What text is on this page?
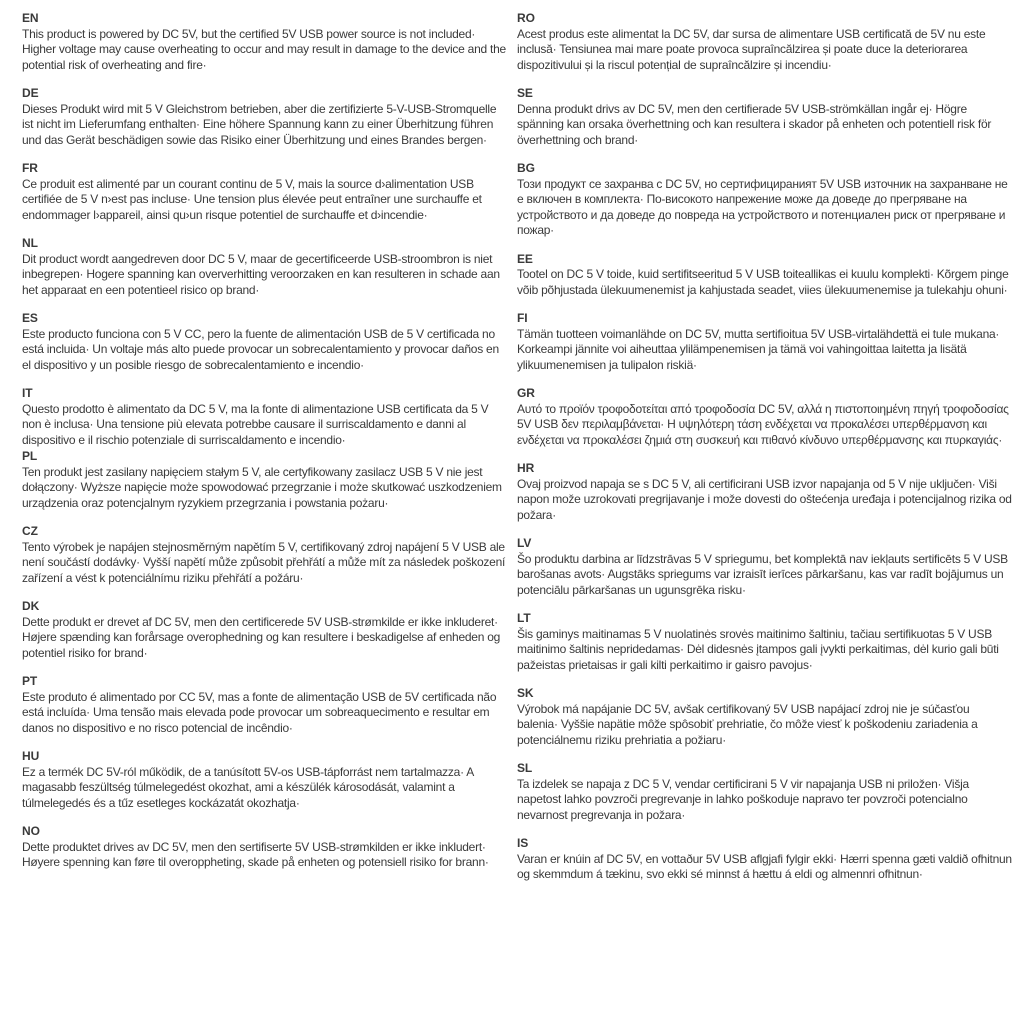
EN
This product is powered by DC 5V, but the certified 5V USB power source is not included· Higher voltage may cause overheating to occur and may result in damage to the device and the potential risk of overheating and fire·
DE
Dieses Produkt wird mit 5 V Gleichstrom betrieben, aber die zertifizierte 5-V-USB-Stromquelle ist nicht im Lieferumfang enthalten· Eine höhere Spannung kann zu einer Überhitzung führen und das Gerät beschädigen sowie das Risiko einer Überhitzung und eines Brandes bergen·
FR
Ce produit est alimenté par un courant continu de 5 V, mais la source d›alimentation USB certifiée de 5 V n›est pas incluse· Une tension plus élevée peut entraîner une surchauffe et endommager l›appareil, ainsi qu›un risque potentiel de surchauffe et d›incendie·
NL
Dit product wordt aangedreven door DC 5 V, maar de gecertificeerde USB-stroombron is niet inbegrepen· Hogere spanning kan oververhitting veroorzaken en kan resulteren in schade aan het apparaat en een potentieel risico op brand·
ES
Este producto funciona con 5 V CC, pero la fuente de alimentación USB de 5 V certificada no está incluida· Un voltaje más alto puede provocar un sobrecalentamiento y provocar daños en el dispositivo y un posible riesgo de sobrecalentamiento e incendio·
IT
Questo prodotto è alimentato da DC 5 V, ma la fonte di alimentazione USB certificata da 5 V non è inclusa· Una tensione più elevata potrebbe causare il surriscaldamento e danni al dispositivo e il rischio potenziale di surriscaldamento e incendio·
PL
Ten produkt jest zasilany napięciem stałym 5 V, ale certyfikowany zasilacz USB 5 V nie jest dołączony· Wyższe napięcie może spowodować przegrzanie i może skutkować uszkodzeniem urządzenia oraz potencjalnym ryzykiem przegrzania i powstania pożaru·
CZ
Tento výrobek je napájen stejnosměrným napětím 5 V, certifikovaný zdroj napájení 5 V USB ale není součástí dodávky· Vyšší napětí může způsobit přehřátí a může mít za následek poškození zařízení a vést k potenciálnímu riziku přehřátí a požáru·
DK
Dette produkt er drevet af DC 5V, men den certificerede 5V USB-strømkilde er ikke inkluderet· Højere spænding kan forårsage overophedning og kan resultere i beskadigelse af enheden og potentiel risiko for brand·
PT
Este produto é alimentado por CC 5V, mas a fonte de alimentação USB de 5V certificada não está incluída· Uma tensão mais elevada pode provocar um sobreaquecimento e resultar em danos no dispositivo e no risco potencial de incêndio·
HU
Ez a termék DC 5V-ról működik, de a tanúsított 5V-os USB-tápforrást nem tartalmazza· A magasabb feszültség túlmelegedést okozhat, ami a készülék károsodását, valamint a túlmelegedés és a tűz esetleges kockázatát okozhatja·
NO
Dette produktet drives av DC 5V, men den sertifiserte 5V USB-strømkilden er ikke inkludert· Høyere spenning kan føre til overoppheting, skade på enheten og potensiell risiko for brann·
RO
Acest produs este alimentat la DC 5V, dar sursa de alimentare USB certificată de 5V nu este inclusă· Tensiunea mai mare poate provoca supraîncălzirea și poate duce la deteriorarea dispozitivului și la riscul potențial de supraîncălzire și incendiu·
SE
Denna produkt drivs av DC 5V, men den certifierade 5V USB-strömkällan ingår ej· Högre spänning kan orsaka överhettning och kan resultera i skador på enheten och potentiell risk för överhettning och brand·
BG
Този продукт се захранва с DC 5V, но сертифицираният 5V USB източник на захранване не е включен в комплекта· По-високото напрежение може да доведе до прегряване на устройството и да доведе до повреда на устройството и потенциален риск от прегряване и пожар·
EE
Tootel on DC 5 V toide, kuid sertifitseeritud 5 V USB toiteallikas ei kuulu komplekti· Kõrgem pinge võib põhjustada ülekuumenemist ja kahjustada seadet, viies ülekuumenemise ja tulekahju ohuni·
FI
Tämän tuotteen voimanlähde on DC 5V, mutta sertifioitua 5V USB-virtalähdettä ei tule mukana· Korkeampi jännite voi aiheuttaa ylilämpenemisen ja tämä voi vahingoittaa laitetta ja lisätä ylikuumenemisen ja tulipalon riskiä·
GR
Αυτό το προϊόν τροφοδοτείται από τροφοδοσία DC 5V, αλλά η πιστοποιημένη πηγή τροφοδοσίας 5V USB δεν περιλαμβάνεται· Η υψηλότερη τάση ενδέχεται να προκαλέσει υπερθέρμανση και ενδέχεται να προκαλέσει ζημιά στη συσκευή και πιθανό κίνδυνο υπερθέρμανσης και πυρκαγιάς·
HR
Ovaj proizvod napaja se s DC 5 V, ali certificirani USB izvor napajanja od 5 V nije uključen· Viši napon može uzrokovati pregrijavanje i može dovesti do oštećenja uređaja i potencijalnog rizika od požara·
LV
Šo produktu darbina ar līdzstrāvas 5 V spriegumu, bet komplektā nav iekļauts sertificēts 5 V USB barošanas avots· Augstāks spriegums var izraisīt ierīces pārkaršanu, kas var radīt bojājumus un potenciālu pārkaršanas un ugunsgrēka risku·
LT
Šis gaminys maitinamas 5 V nuolatinės srovės maitinimo šaltiniu, tačiau sertifikuotas 5 V USB maitinimo šaltinis nepridedamas· Dėl didesnės įtampos gali įvykti perkaitimas, dėl kurio gali būti pažeistas prietaisas ir gali kilti perkaitimo ir gaisro pavojus·
SK
Výrobok má napájanie DC 5V, avšak certifikovaný 5V USB napájací zdroj nie je súčasťou balenia· Vyššie napätie môže spôsobiť prehriatie, čo môže viesť k poškodeniu zariadenia a potenciálnemu riziku prehriatia a požiaru·
SL
Ta izdelek se napaja z DC 5 V, vendar certificirani 5 V vir napajanja USB ni priložen· Višja napetost lahko povzroči pregrevanje in lahko poškoduje napravo ter povzroči potencialno nevarnost pregrevanja in požara·
IS
Varan er knúin af DC 5V, en vottaður 5V USB aflgjafi fylgir ekki· Hærri spenna gæti valdið ofhitnun og skemmdum á tækinu, svo ekki sé minnst á hættu á eldi og almennri ofhitnun·
